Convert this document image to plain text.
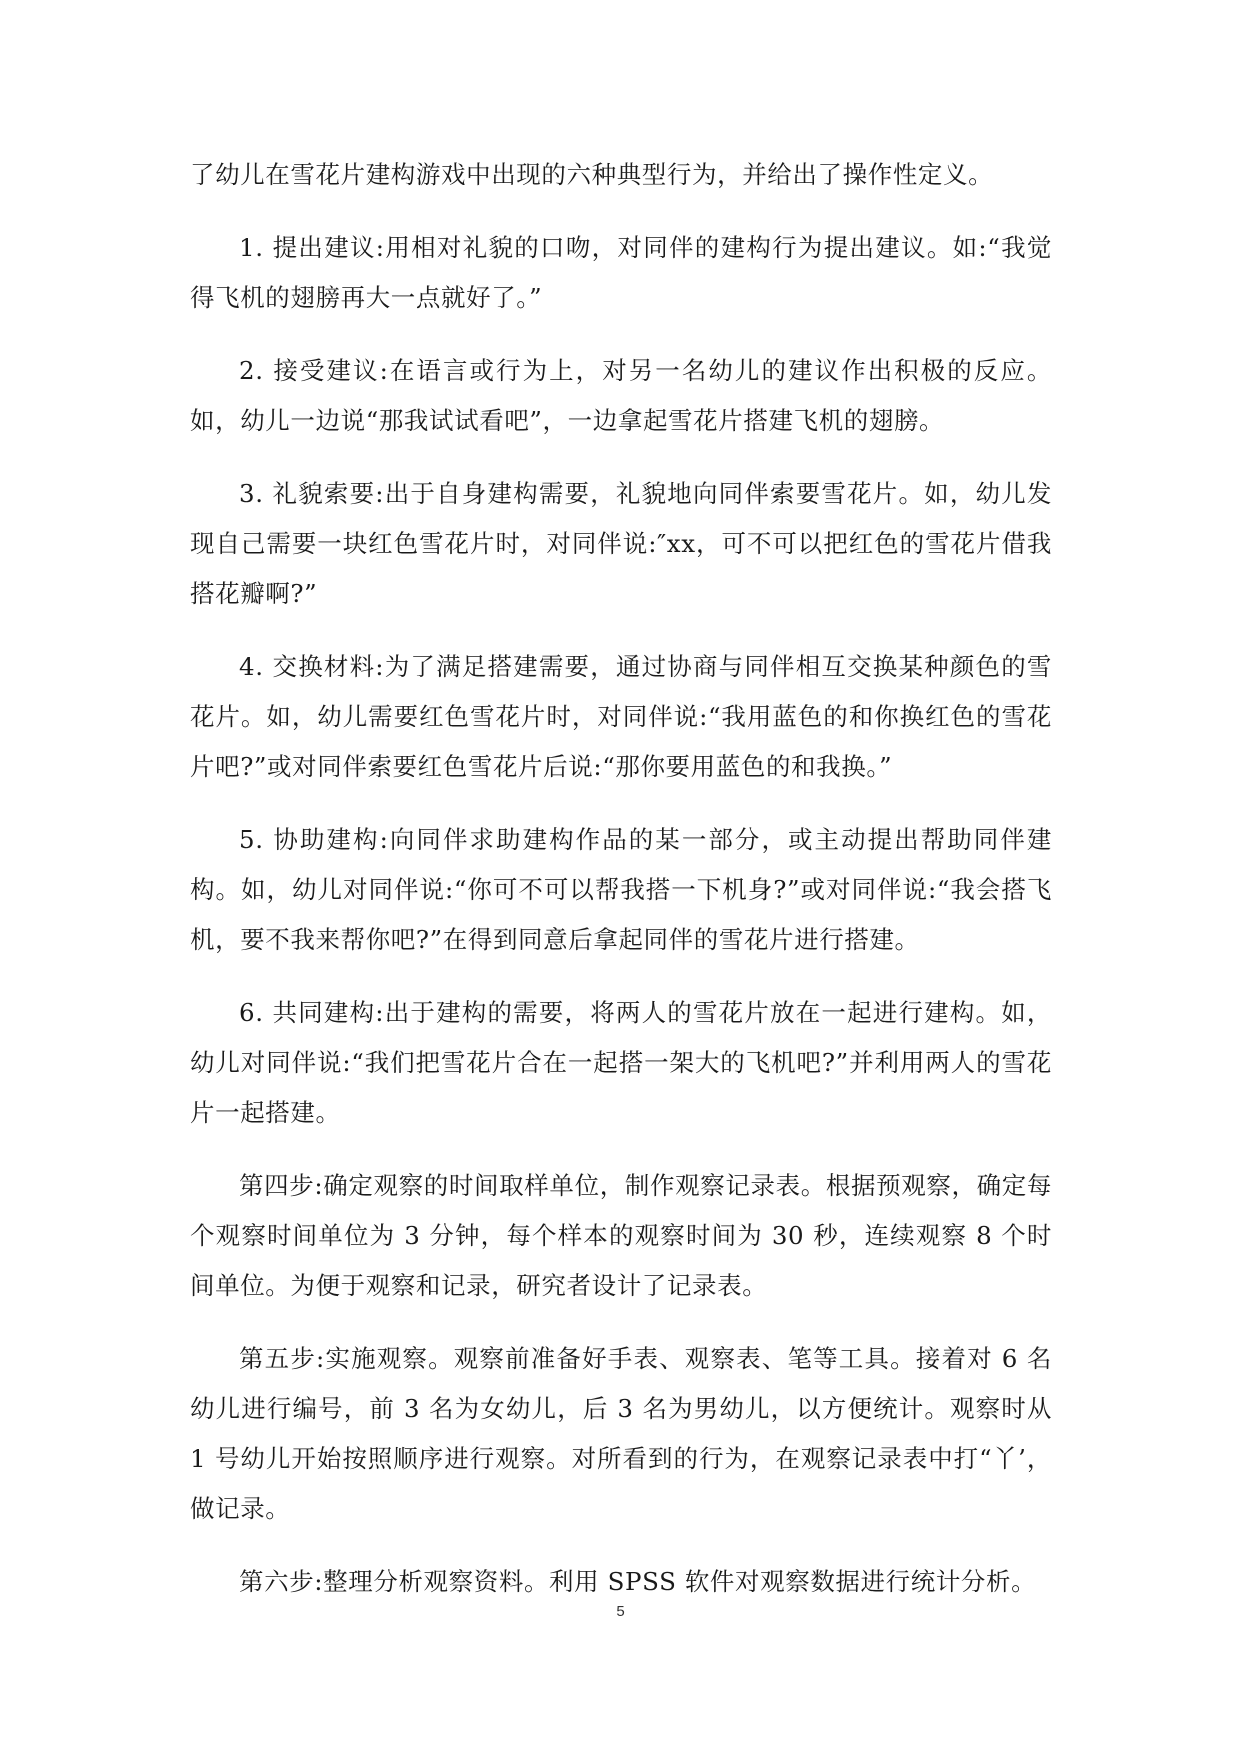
了幼儿在雪花片建构游戏中出现的六种典型行为，并给出了操作性定义。

1. 提出建议:用相对礼貌的口吻，对同伴的建构行为提出建议。如:“我觉得飞机的翅膀再大一点就好了。”

2. 接受建议:在语言或行为上，对另一名幼儿的建议作出积极的反应。如，幼儿一边说“那我试试看吧”，一边拿起雪花片搭建飞机的翅膀。

3. 礼貌索要:出于自身建构需要，礼貌地向同伴索要雪花片。如，幼儿发现自己需要一块红色雪花片时，对同伴说:″xx，可不可以把红色的雪花片借我搭花瓣啊?”

4. 交换材料:为了满足搭建需要，通过协商与同伴相互交换某种颜色的雪花片。如，幼儿需要红色雪花片时，对同伴说:“我用蓝色的和你换红色的雪花片吧?”或对同伴索要红色雪花片后说:“那你要用蓝色的和我换。”

5. 协助建构:向同伴求助建构作品的某一部分，或主动提出帮助同伴建构。如，幼儿对同伴说:“你可不可以帮我搭一下机身?”或对同伴说:“我会搭飞机，要不我来帮你吧?”在得到同意后拿起同伴的雪花片进行搭建。

6. 共同建构:出于建构的需要，将两人的雪花片放在一起进行建构。如，幼儿对同伴说:“我们把雪花片合在一起搭一架大的飞机吧?”并利用两人的雪花片一起搭建。

第四步:确定观察的时间取样单位，制作观察记录表。根据预观察，确定每个观察时间单位为 3 分钟，每个样本的观察时间为 30 秒，连续观察 8 个时间单位。为便于观察和记录，研究者设计了记录表。

第五步:实施观察。观察前准备好手表、观察表、笔等工具。接着对 6 名幼儿进行编号，前 3 名为女幼儿，后 3 名为男幼儿，以方便统计。观察时从 1 号幼儿开始按照顺序进行观察。对所看到的行为，在观察记录表中打“丫’，做记录。

第六步:整理分析观察资料。利用 SPSS 软件对观察数据进行统计分析。

5
